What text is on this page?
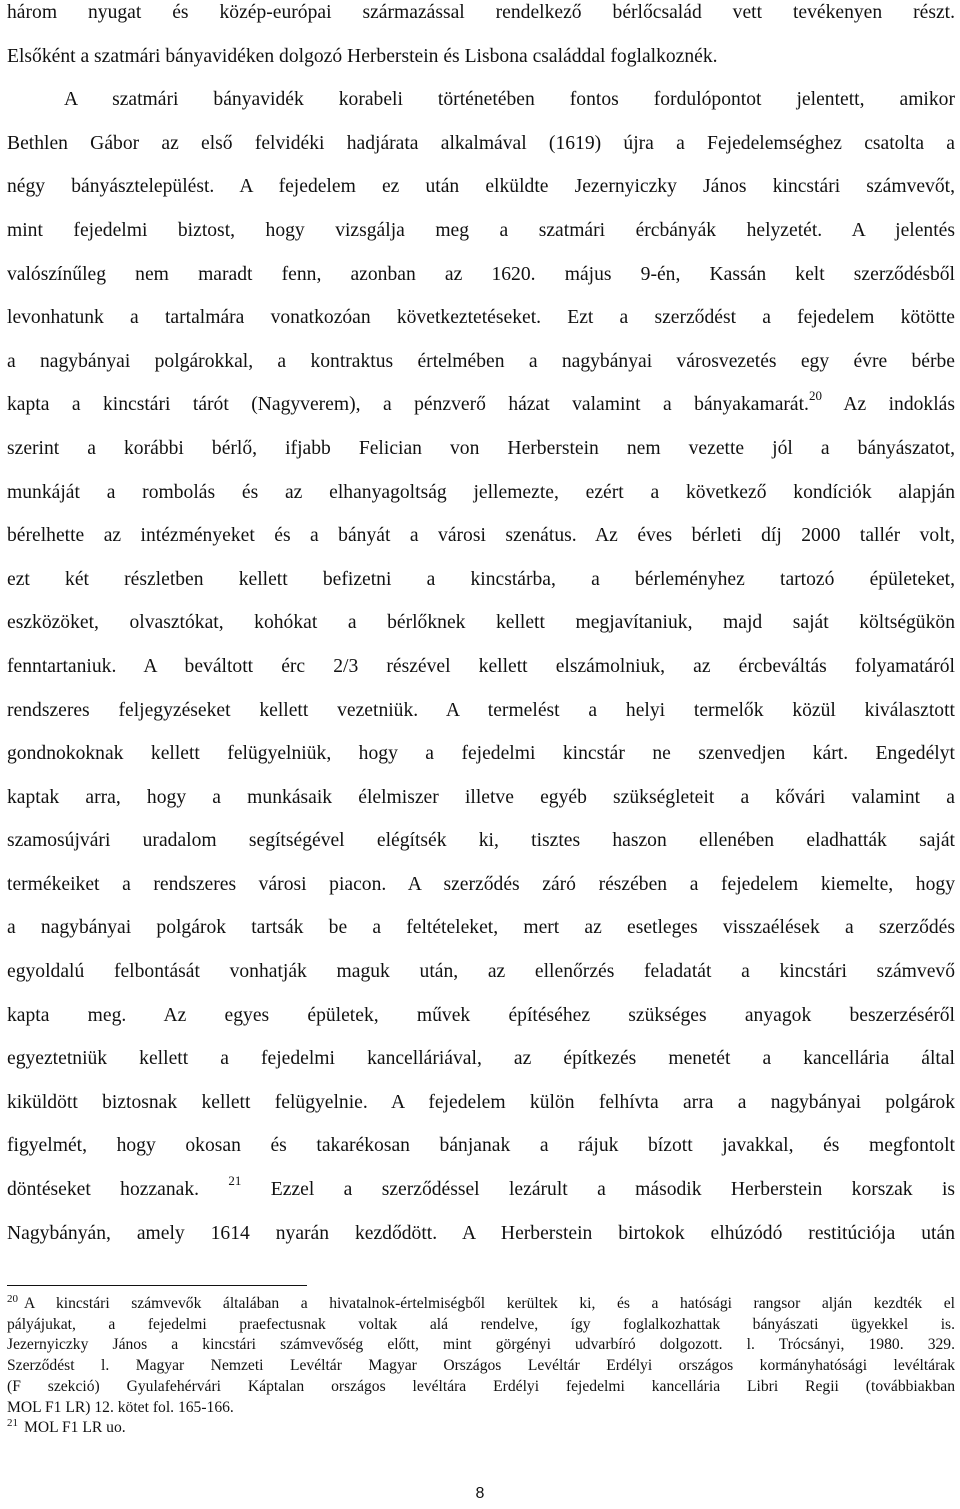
három nyugat és közép-európai származással rendelkező bérlőcsalád vett tevékenyen részt.
Elsőként a szatmári bányavidéken dolgozó Herberstein és Lisbona családdal foglalkoznék.
A szatmári bányavidék korabeli történetében fontos fordulópontot jelentett, amikor
Bethlen Gábor az első felvidéki hadjárata alkalmával (1619) újra a Fejedelemséghez csatolta a
négy bányásztelepülést. A fejedelem ez után elküldte Jezernyiczky János kincstári számvevőt,
mint fejedelmi biztost, hogy vizsgálja meg a szatmári ércbányák helyzetét. A jelentés
valószínűleg nem maradt fenn, azonban az 1620. május 9-én, Kassán kelt szerződésből
levonhatunk a tartalmára vonatkozóan következtetéseket. Ezt a szerződést a fejedelem kötötte
a nagybányai polgárokkal, a kontraktus értelmében a nagybányai városvezetés egy évre bérbe
kapta a kincstári tárót (Nagyverem), a pénzverő házat valamint a bányakamarát.$^{20}$ Az indoklás
szerint a korábbi bérlő, ifjabb Felician von Herberstein nem vezette jól a bányászatot,
munkáját a rombolás és az elhanyagoltság jellemezte, ezért a következő kondíciók alapján
bérelhette az intézményeket és a bányát a városi szenátus. Az éves bérleti díj 2000 tallér volt,
ezt két részletben kellett befizetni a kincstárba, a bérleményhez tartozó épületeket,
eszközöket, olvasztókat, kohókat a bérlőknek kellett megjavítaniuk, majd saját költségükön
fenntartaniuk. A beváltott érc 2/3 részével kellett elszámolniuk, az ércbeváltás folyamatáról
rendszeres feljegyzéseket kellett vezetniük. A termelést a helyi termelők közül kiválasztott
gondnokoknak kellett felügyelniük, hogy a fejedelmi kincstár ne szenvedjen kárt. Engedélyt
kaptak arra, hogy a munkásaik élelmiszer illetve egyéb szükségleteit a kővári valamint a
szamosújvári uradalom segítségével elégítsék ki, tisztes haszon ellenében eladhatták saját
termékeiket a rendszeres városi piacon. A szerződés záró részében a fejedelem kiemelte, hogy
a nagybányai polgárok tartsák be a feltételeket, mert az esetleges visszaélések a szerződés
egyoldalú felbontását vonhatják maguk után, az ellenőrzés feladatát a kincstári számvevő
kapta meg. Az egyes épületek, művek építéséhez szükséges anyagok beszerzéséről
egyeztetniük kellett a fejedelmi kancelláriával, az építkezés menetét a kancellária által
kiküldött biztosnak kellett felügyelnie. A fejedelem külön felhívta arra a nagybányai polgárok
figyelmét, hogy okosan és takarékosan bánjanak a rájuk bízott javakkal, és megfontolt
döntéseket hozzanak. $^{21}$ Ezzel a szerződéssel lezárult a második Herberstein korszak is
Nagybányán, amely 1614 nyarán kezdődött. A Herberstein birtokok elhúzódó restitúciója után
$^{20}$ A kincstári számvevők általában a hivatalnok-értelmiségből kerültek ki, és a hatósági rangsor alján kezdték el
pályájukat, a fejedelmi praefectusnak voltak alá rendelve, így foglalkozhattak bányászati ügyekkel is.
Jezernyiczky János a kincstári számvevőség előtt, mint görgényi udvarbíró dolgozott. l. Trócsányi, 1980. 329.
Szerződést l. Magyar Nemzeti Levéltár Magyar Országos Levéltár Erdélyi országos kormányhatósági levéltárak
(F szekció) Gyulafehérvári Káptalan országos levéltára Erdélyi fejedelmi kancellária Libri Regii (továbbiakban
MOL F1 LR) 12. kötet fol. 165-166.
$^{21}$ MOL F1 LR uo.
8
